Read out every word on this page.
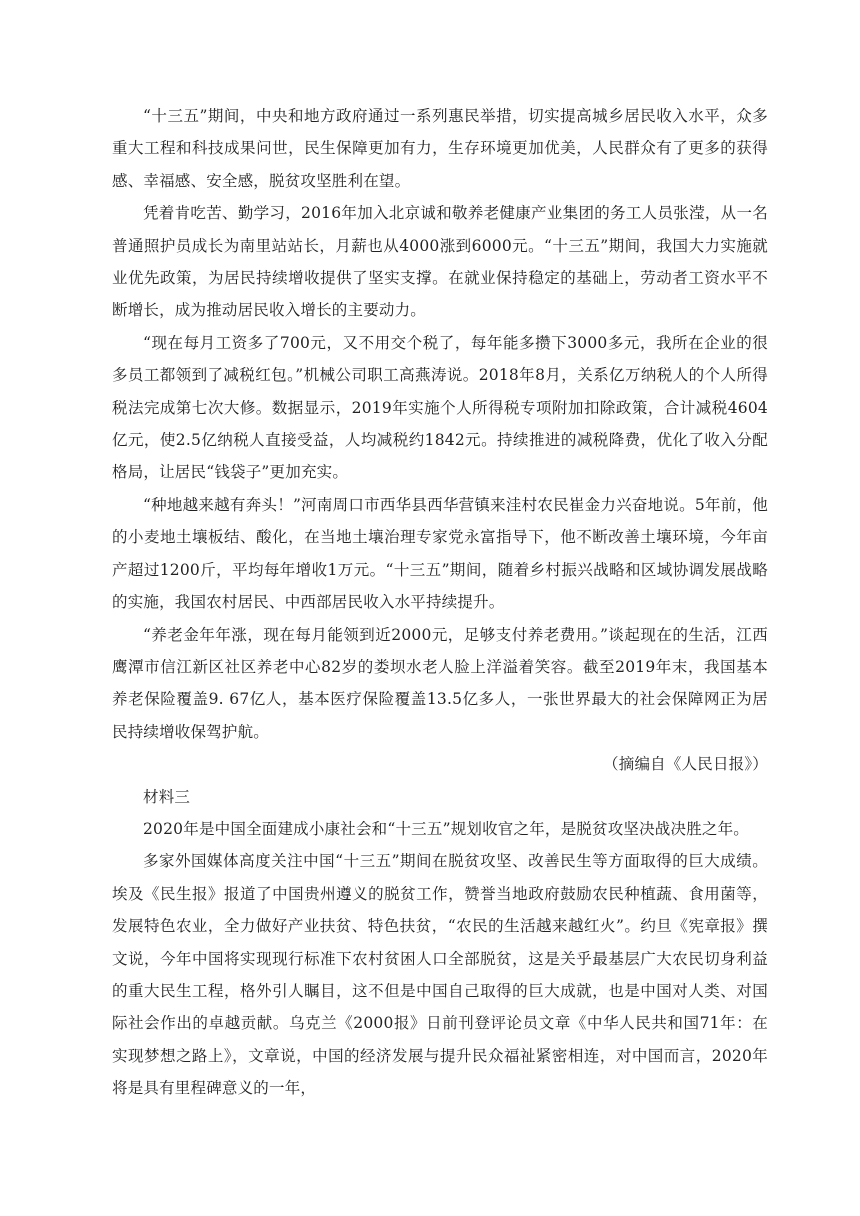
“十三五”期间，中央和地方政府通过一系列惠民举措，切实提高城乡居民收入水平，众多重大工程和科技成果问世，民生保障更加有力，生存环境更加优美，人民群众有了更多的获得感、幸福感、安全感，脱贫攻坚胜利在望。

凭着肯吃苦、勤学习，2016年加入北京诚和敬养老健康产业集团的务工人员张滢，从一名普通照护员成长为南里站站长，月薪也从4000涨到6000元。“十三五”期间，我国大力实施就业优先政策，为居民持续增收提供了坚实支撑。在就业保持稳定的基础上，劳动者工资水平不断增长，成为推动居民收入增长的主要动力。

“现在每月工资多了700元，又不用交个税了，每年能多攒下3000多元，我所在企业的很多员工都领到了减税红包。”机械公司职工高燕涛说。2018年8月，关系亿万纳税人的个人所得税法完成第七次大修。数据显示，2019年实施个人所得税专项附加扣除政策，合计减税4604亿元，使2.5亿纳税人直接受益，人均减税约1842元。持续推进的减税降费，优化了收入分配格局，让居民“钱袋子”更加充实。

“种地越来越有奔头！”河南周口市西华县西华营镇来洼村农民崔金力兴奋地说。5年前，他的小麦地土壤板结、酸化，在当地土壤治理专家党永富指导下，他不断改善土壤环境，今年亩产超过1200斤，平均每年增收1万元。“十三五”期间，随着乡村振兴战略和区域协调发展战略的实施，我国农村居民、中西部居民收入水平持续提升。

“养老金年年涨，现在每月能领到近2000元，足够支付养老费用。”谈起现在的生活，江西鹰潭市信江新区社区养老中心82岁的娄坝水老人脸上洋溢着笑容。截至2019年末，我国基本养老保险覆盖9. 67亿人，基本医疗保险覆盖13.5亿多人，一张世界最大的社会保障网正为居民持续增收保驾护航。

（摘编自《人民日报》）

材料三

2020年是中国全面建成小康社会和“十三五”规划收官之年，是脱贫攻坚决战决胜之年。

多家外国媒体高度关注中国“十三五”期间在脱贫攻坚、改善民生等方面取得的巨大成绩。埃及《民生报》报道了中国贵州遵义的脱贫工作，赞誉当地政府鼓励农民种植蔬、食用菌等，发展特色农业，全力做好产业扶贫、特色扶贫，“农民的生活越来越红火”。约旦《宪章报》撰文说，今年中国将实现现行标准下农村贫困人口全部脱贫，这是关乎最基层广大农民切身利益的重大民生工程，格外引人瞩目，这不但是中国自己取得的巨大成就，也是中国对人类、对国际社会作出的卓越贡献。乌克兰《2000报》日前刊登评论员文章《中华人民共和国71年：在实现梦想之路上》，文章说，中国的经济发展与提升民众福祉紧密相连，对中国而言，2020年将是具有里程碑意义的一年，
